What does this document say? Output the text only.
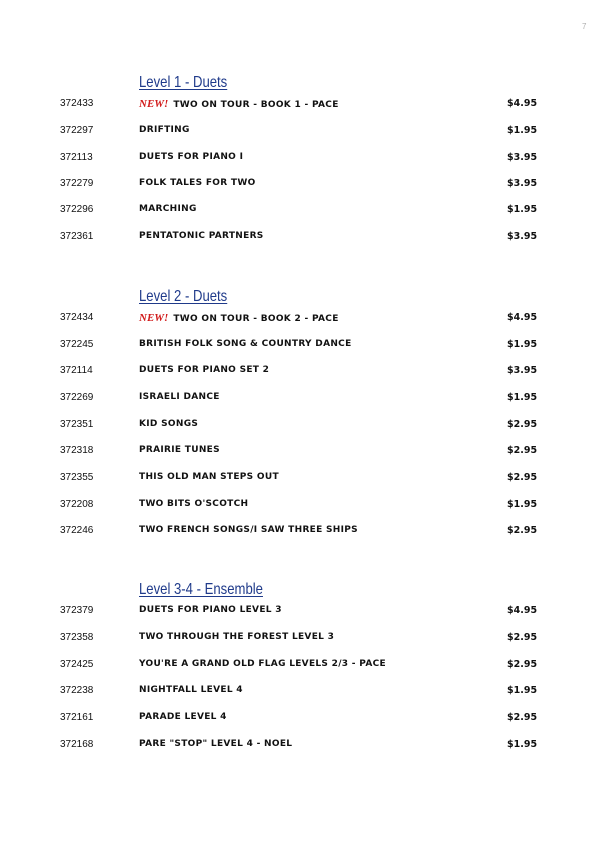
7
Level 1 - Duets
372433	NEW! TWO ON TOUR - BOOK 1 - PACE	$4.95
372297	DRIFTING	$1.95
372113	DUETS FOR PIANO I	$3.95
372279	FOLK TALES FOR TWO	$3.95
372296	MARCHING	$1.95
372361	PENTATONIC PARTNERS	$3.95
Level 2 - Duets
372434	NEW! TWO ON TOUR - BOOK 2 - PACE	$4.95
372245	BRITISH FOLK SONG & COUNTRY DANCE	$1.95
372114	DUETS FOR PIANO SET 2	$3.95
372269	ISRAELI DANCE	$1.95
372351	KID SONGS	$2.95
372318	PRAIRIE TUNES	$2.95
372355	THIS OLD MAN STEPS OUT	$2.95
372208	TWO BITS O'SCOTCH	$1.95
372246	TWO FRENCH SONGS/I SAW THREE SHIPS	$2.95
Level 3-4 - Ensemble
372379	DUETS FOR PIANO LEVEL 3	$4.95
372358	TWO THROUGH THE FOREST LEVEL 3	$2.95
372425	YOU'RE A GRAND OLD FLAG LEVELS 2/3 - PACE	$2.95
372238	NIGHTFALL LEVEL 4	$1.95
372161	PARADE LEVEL 4	$2.95
372168	PARE "STOP" LEVEL 4 - NOEL	$1.95
